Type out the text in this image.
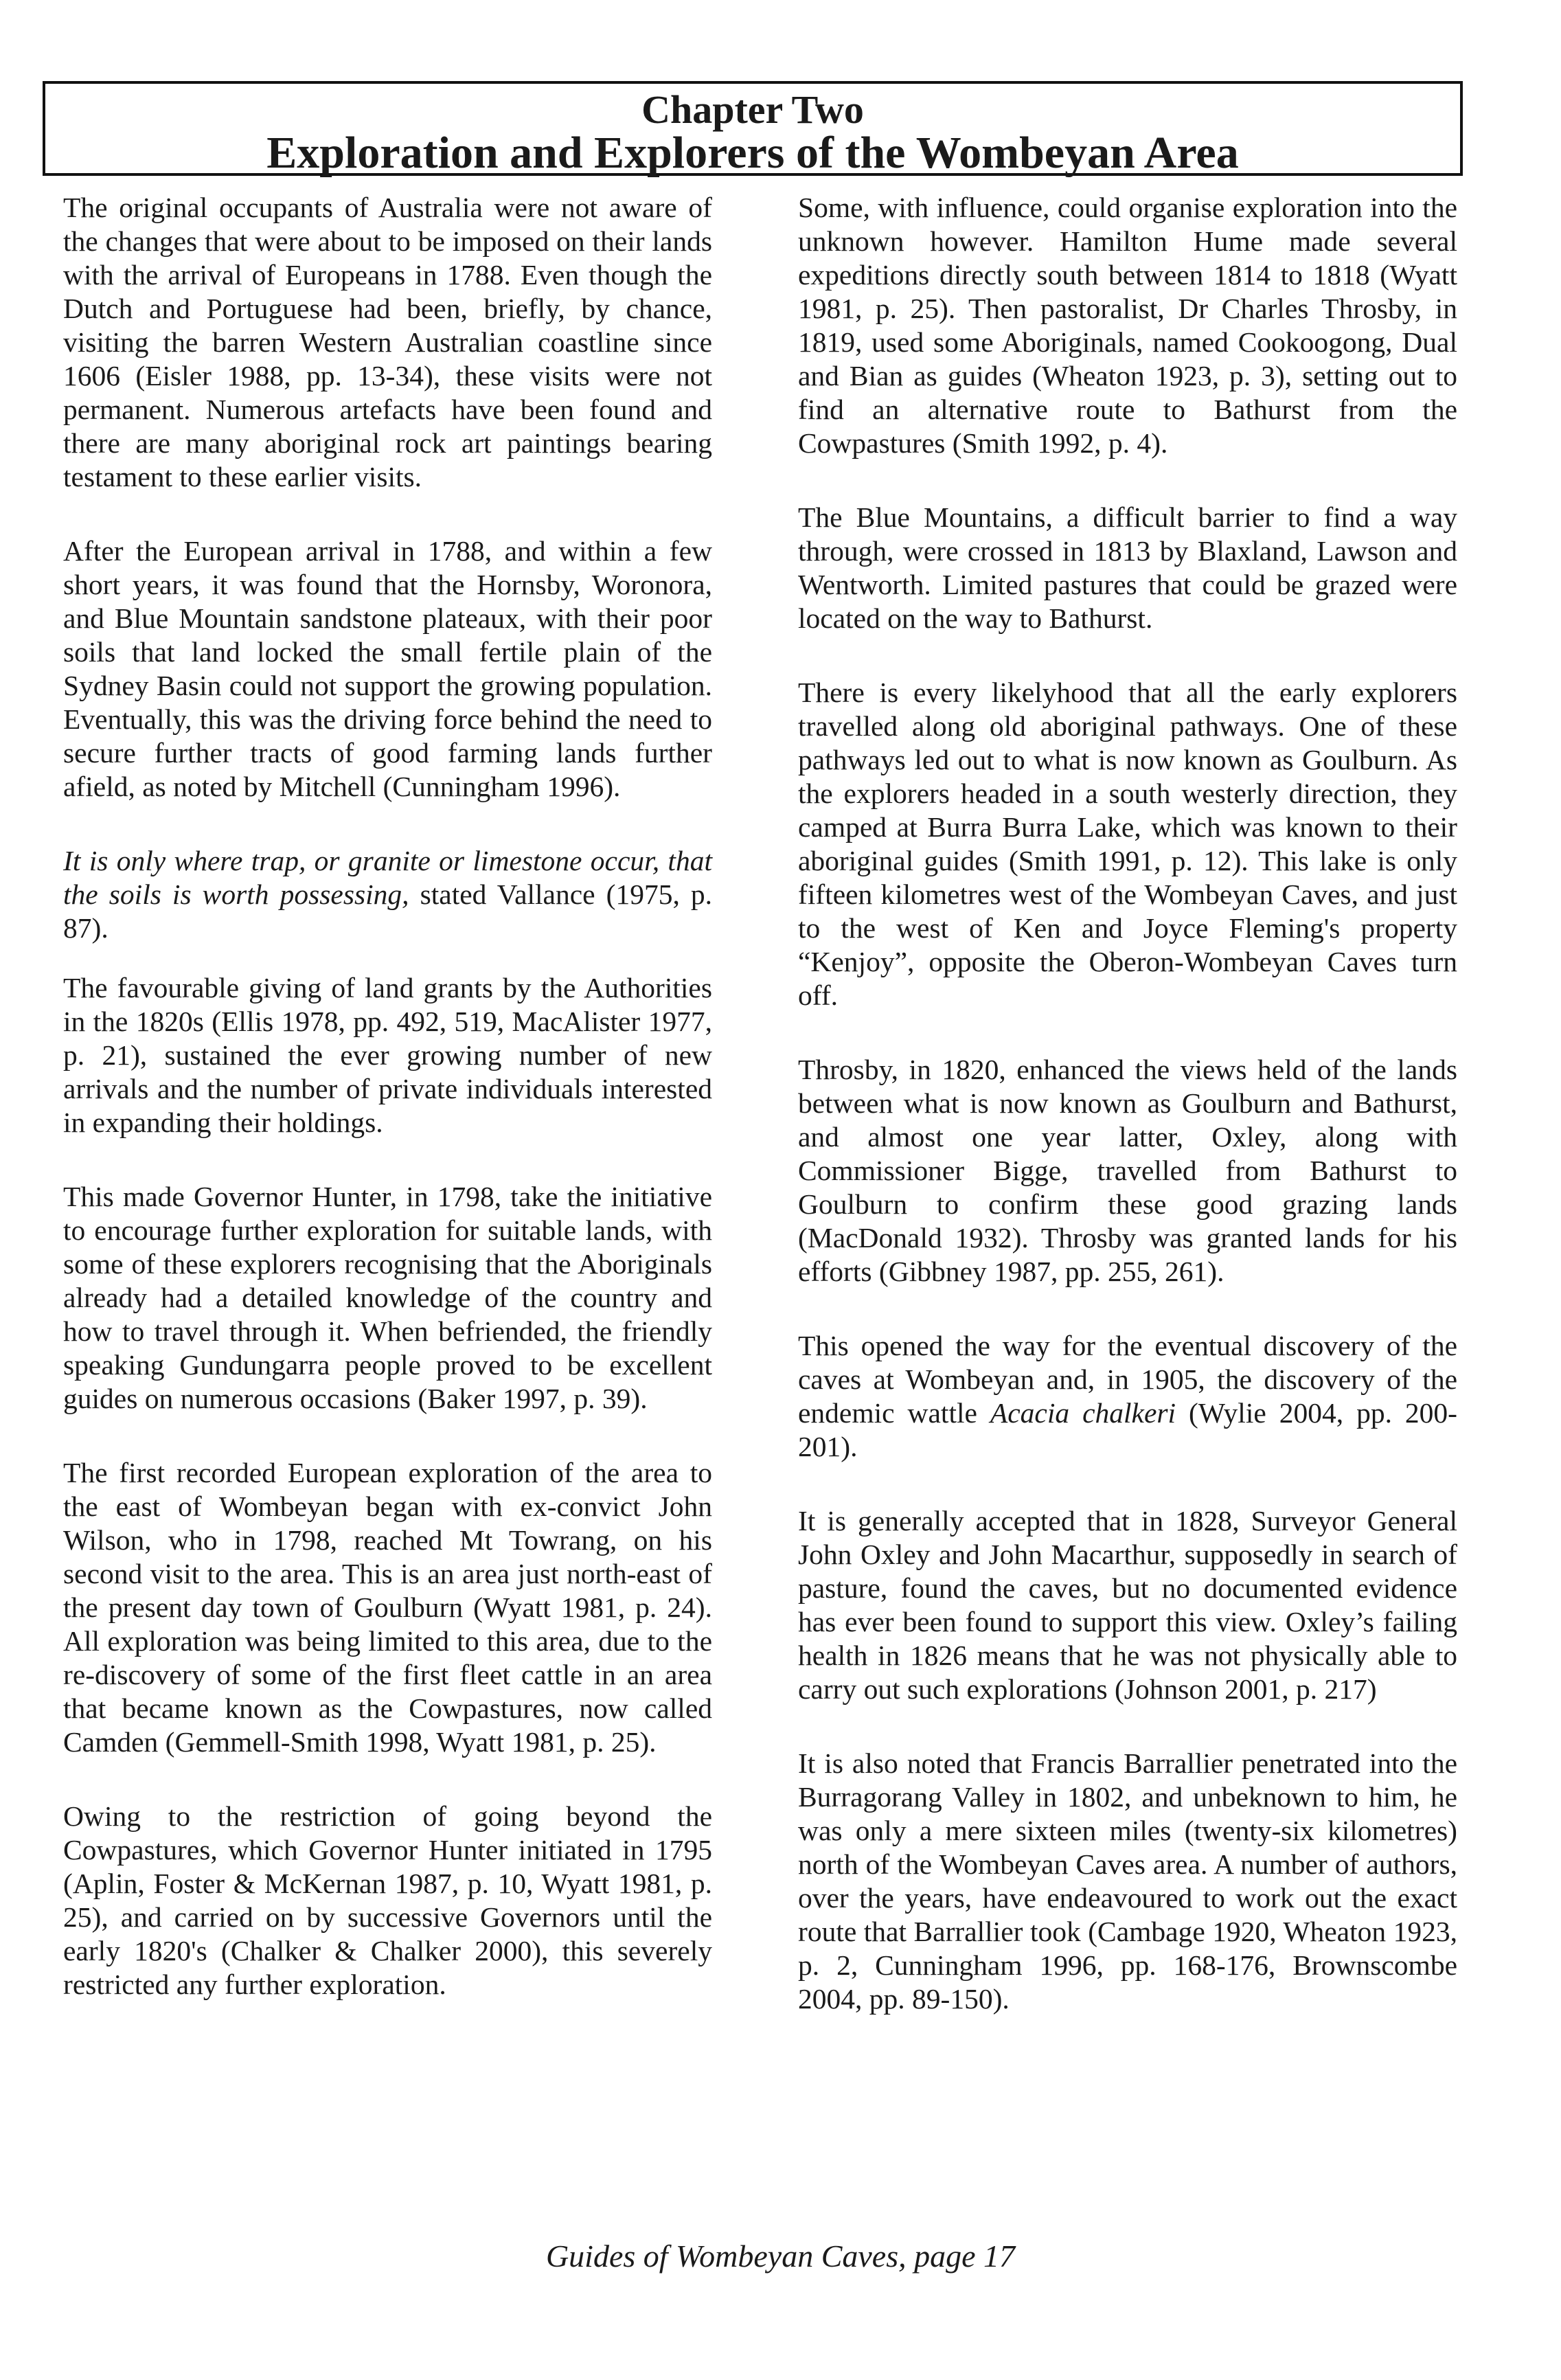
Chapter Two
Exploration and Explorers of the Wombeyan Area

The original occupants of Australia were not aware of the changes that were about to be imposed on their lands with the arrival of Europeans in 1788. Even though the Dutch and Portuguese had been, briefly, by chance, visiting the barren Western Australian coastline since 1606 (Eisler 1988, pp. 13-34), these visits were not permanent. Numerous artefacts have been found and there are many aboriginal rock art paintings bearing testament to these earlier visits.

After the European arrival in 1788, and within a few short years, it was found that the Hornsby, Woronora, and Blue Mountain sandstone plateaux, with their poor soils that land locked the small fertile plain of the Sydney Basin could not support the growing population. Eventually, this was the driving force behind the need to secure further tracts of good farming lands further afield, as noted by Mitchell (Cunningham 1996).

It is only where trap, or granite or limestone occur, that the soils is worth possessing, stated Vallance (1975, p. 87).

The favourable giving of land grants by the Authorities in the 1820s (Ellis 1978, pp. 492, 519, MacAlister 1977, p. 21), sustained the ever growing number of new arrivals and the number of private individuals interested in expanding their holdings.

This made Governor Hunter, in 1798, take the initiative to encourage further exploration for suitable lands, with some of these explorers recognising that the Aboriginals already had a detailed knowledge of the country and how to travel through it. When befriended, the friendly speaking Gundungarra people proved to be excellent guides on numerous occasions (Baker 1997, p. 39).

The first recorded European exploration of the area to the east of Wombeyan began with ex-convict John Wilson, who in 1798, reached Mt Towrang, on his second visit to the area. This is an area just north-east of the present day town of Goulburn (Wyatt 1981, p. 24). All exploration was being limited to this area, due to the re-discovery of some of the first fleet cattle in an area that became known as the Cowpastures, now called Camden (Gemmell-Smith 1998, Wyatt 1981, p. 25).

Owing to the restriction of going beyond the Cowpastures, which Governor Hunter initiated in 1795 (Aplin, Foster & McKernan 1987, p. 10, Wyatt 1981, p. 25), and carried on by successive Governors until the early 1820's (Chalker & Chalker 2000), this severely restricted any further exploration.

Some, with influence, could organise exploration into the unknown however. Hamilton Hume made several expeditions directly south between 1814 to 1818 (Wyatt 1981, p. 25). Then pastoralist, Dr Charles Throsby, in 1819, used some Aboriginals, named Cookoogong, Dual and Bian as guides (Wheaton 1923, p. 3), setting out to find an alternative route to Bathurst from the Cowpastures (Smith 1992, p. 4).

The Blue Mountains, a difficult barrier to find a way through, were crossed in 1813 by Blaxland, Lawson and Wentworth. Limited pastures that could be grazed were located on the way to Bathurst.

There is every likelyhood that all the early explorers travelled along old aboriginal pathways. One of these pathways led out to what is now known as Goulburn. As the explorers headed in a south westerly direction, they camped at Burra Burra Lake, which was known to their aboriginal guides (Smith 1991, p. 12). This lake is only fifteen kilometres west of the Wombeyan Caves, and just to the west of Ken and Joyce Fleming's property “Kenjoy”, opposite the Oberon-Wombeyan Caves turn off.

Throsby, in 1820, enhanced the views held of the lands between what is now known as Goulburn and Bathurst, and almost one year latter, Oxley, along with Commissioner Bigge, travelled from Bathurst to Goulburn to confirm these good grazing lands (MacDonald 1932). Throsby was granted lands for his efforts (Gibbney 1987, pp. 255, 261).

This opened the way for the eventual discovery of the caves at Wombeyan and, in 1905, the discovery of the endemic wattle Acacia chalkeri (Wylie 2004, pp. 200-201).

It is generally accepted that in 1828, Surveyor General John Oxley and John Macarthur, supposedly in search of pasture, found the caves, but no documented evidence has ever been found to support this view. Oxley’s failing health in 1826 means that he was not physically able to carry out such explorations (Johnson 2001, p. 217)

It is also noted that Francis Barrallier penetrated into the Burragorang Valley in 1802, and unbeknown to him, he was only a mere sixteen miles (twenty-six kilometres) north of the Wombeyan Caves area. A number of authors, over the years, have endeavoured to work out the exact route that Barrallier took (Cambage 1920, Wheaton 1923, p. 2, Cunningham 1996, pp. 168-176, Brownscombe 2004, pp. 89-150).

Guides of Wombeyan Caves, page 17
